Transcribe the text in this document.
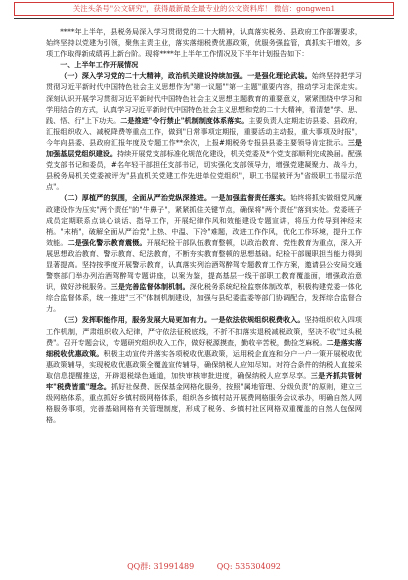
关注头条号"公文研究"，获得最新最全最专业的公文资料库！ 微信：gongwen1

****年上半年，县税务局深入学习贯彻党的二十大精神，认真落实税务、县政府工作部署要求，始终坚持以党建为引领，聚焦主责主业，落实落细税费优惠政策，优服务强监管，真抓实干增效，多项工作取得新成绩再上新台阶。现将****年上半年工作情况及下半年计划报告如下：

一、上半年工作开展情况

（一）深入学习党的二十大精神，政治机关建设持续加强。一是强化理论武装。始终坚持把学习贯彻习近平新时代中国特色社会主义思想作为"第一议题""第一主题"重要内容，推动学习走深走实。深刻认识开展学习贯彻习近平新时代中国特色社会主义思想主题教育的重要意义，紧紧围绕中学习和学用结合的方式，认真学习习近平新时代中国特色社会主义思想和党的二十大精神，看清楚"学、思、践、悟、行"上下功夫。二是推进"令行禁止"机制制度体系落实。主要负责人定期走访县委、县政府，汇报组织收入、减税降费等重点工作，做到"日常事项定期报，重要活动主动报，重大事项及时报"，今年向县委、县政府汇报年度及专题工作**余次，上报#期税务专报县县委主要领导肯定批示。三是加强基层党组织建设。持续开展党支部标准化规范化建设，机关党委及*个党支部顺利完成换届。配强党支部书记和委员，#名年轻干部担任支部书记，切实强化支部领导力，增强党建凝聚力、战斗力，县税务局机关党委被评为"县直机关党建工作先进单位党组织"，职工书屋被评为"省级职工书屋示范点"。

（二）厚植严的氛围，全面从严治党纵深推进。一是加强监督责任落实。始终将抓实做细党风廉政建设作为压实"两个责任"的"牛鼻子"，紧紧抓住关键节点，确保将"两个责任"落到实处。党委班子成员定期联系点谈心谈话、指导工作，开展纪律作风和效能建设专题宣讲，将压力传导到神经末梢。"末梢"，破解全面从严治党"上热、中温、下冷"难题，改进工作作风，优化工作环境，提升工作效能。二是强化警示教育震慑。开展纪检干部队伍教育整顿，以政治教育、党性教育为重点，深入开展思想政治教育、警示教育、纪法教育，不断夯实教育整顿的思想基础。纪检干部履职担当能力得到显著提高。坚持按季度开展警示教育，认真落实列治酒驾醉驾专题教育工作方案，邀请县公安局交通警察部门举办列治酒驾醉驾专题讲座，以案为鉴，提高基层一线干部职工教育覆盖面，增强政治意识，做好涉税服务。三是完善监督体制机制。深化税务系统纪检监察体制改革，积极构建党委一体化综合监督体系，统一推进"三不"体制机制建设，加强与县纪委监委等部门协调配合，发挥综合监督合力。

（三）发挥职能作用，服务发展大局更加有力。一是依法依规组织税费收入。坚持组织收入四项工作机制，严肃组织收入纪律，严守依法征税底线，不折不扣落实退税减税政策，坚决不收"过头税费"。召开专题会议，专题研究组织收入工作，做好税源摸查，勤收辛苦税，勤捡芝麻税。二是落实落细税收优惠政策。积极主动宣传并落实各项税收优惠政策，运用税企直连和分户一户一策开展税收优惠政策辅导，实现税收优惠政策全覆盖宣传辅导，确保纳税人应知尽知。对符合条件的纳税人直接采取信息提醒推送，开辟退税绿色通道，加快审核审批进度，确保纳税人应享尽享。三是齐抓共管树牢"税费皆重"理念。抓好社保费、医保基金网格化服务，按照"属地管理、分级负责"的原则，建立三级网格体系，重点抓好乡镇村级网格体系，组织各乡镇村站开展费网格服务会议承办，明确自然人网格服务事项，完善基础网格有关管理制度，形成了税务、乡镇村社区网格双重覆盖的自然人包保网格。

QQ群: 31991489	QQ: 535304092
